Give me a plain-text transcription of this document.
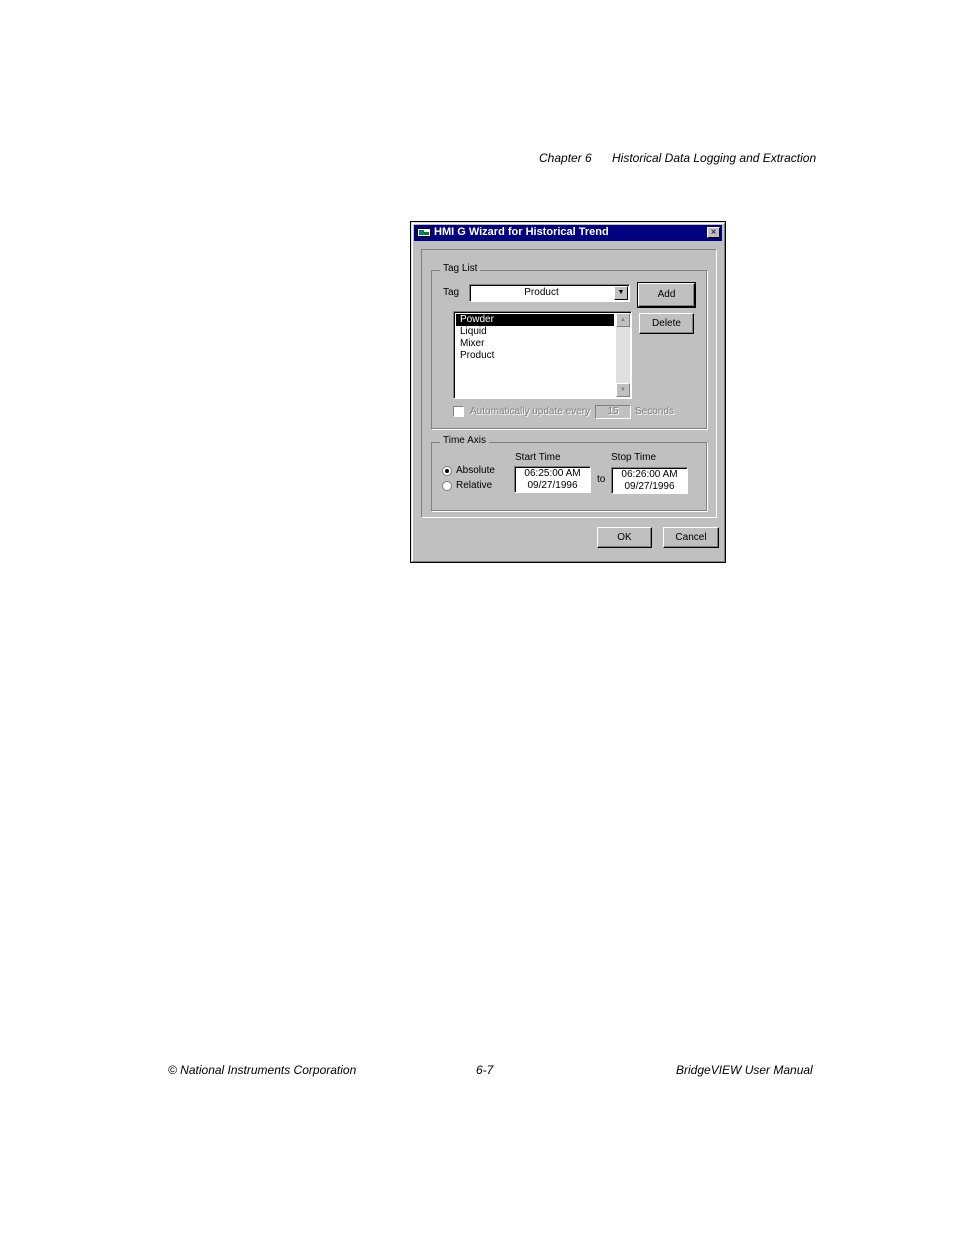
Chapter 6 Historical Data Logging and Extraction
HMI G Wizard for Historical Trend	×
Tag List
Tag	Product	▼	Add
Delete
Powder
Liquid
Mixer
Product
▲
▼
Automatically update every	15	Seconds
Time Axis
Start Time	Stop Time
Absolute
Relative
06:25:00 AM
09/27/1996
to	06:26:00 AM
09/27/1996
OK	Cancel
© National Instruments Corporation	6-7	BridgeVIEW User Manual
